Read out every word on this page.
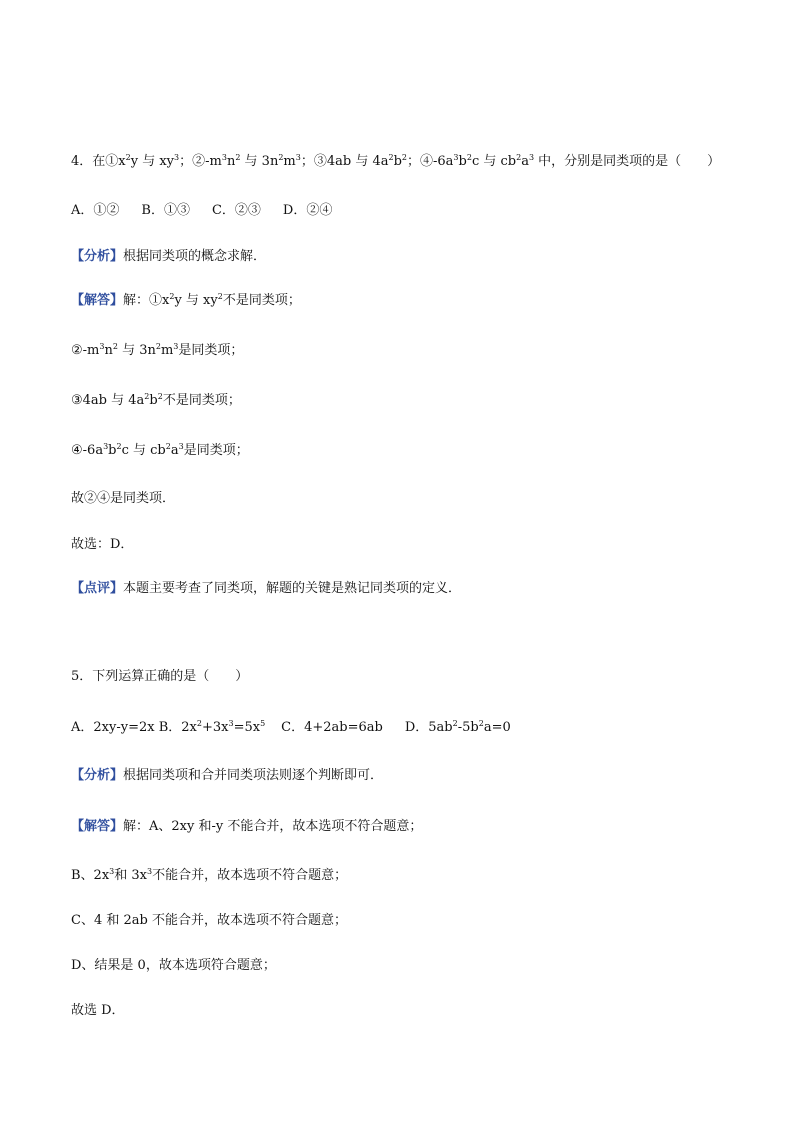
4．在$①x^2y$ 与 $xy^3$；$②-m^3n^2$ 与 $3n^2m^3$；③4ab 与 $4a^2b^2$；$④-6a^3b^2c$ 与 $cb^2a^3$ 中，分别是同类项的是（　　）
A．①② B．①③ C．②③ D．②④
【分析】根据同类项的概念求解．
【解答】解：$①x^2y$ 与 $xy^2$不是同类项；
$②-m^3n^2$ 与 $3n^2m^3$是同类项；
③4ab 与 $4a^2b^2$不是同类项；
$④-6a^3b^2c$ 与 $cb^2a^3$是同类项；
故②④是同类项．
故选：D．
【点评】本题主要考查了同类项，解题的关键是熟记同类项的定义．
5．下列运算正确的是（　　）
A．2xy-y=2x B．$2x^2+3x^3=5x^5$ C．4+2ab=6ab D．$5ab^2-5b^2a=0$
【分析】根据同类项和合并同类项法则逐个判断即可．
【解答】解：A、2xy 和-y 不能合并，故本选项不符合题意；
B、$2x^3$和 $3x^3$不能合并，故本选项不符合题意；
C、4 和 2ab 不能合并，故本选项不符合题意；
D、结果是 0，故本选项符合题意；
故选 D．
